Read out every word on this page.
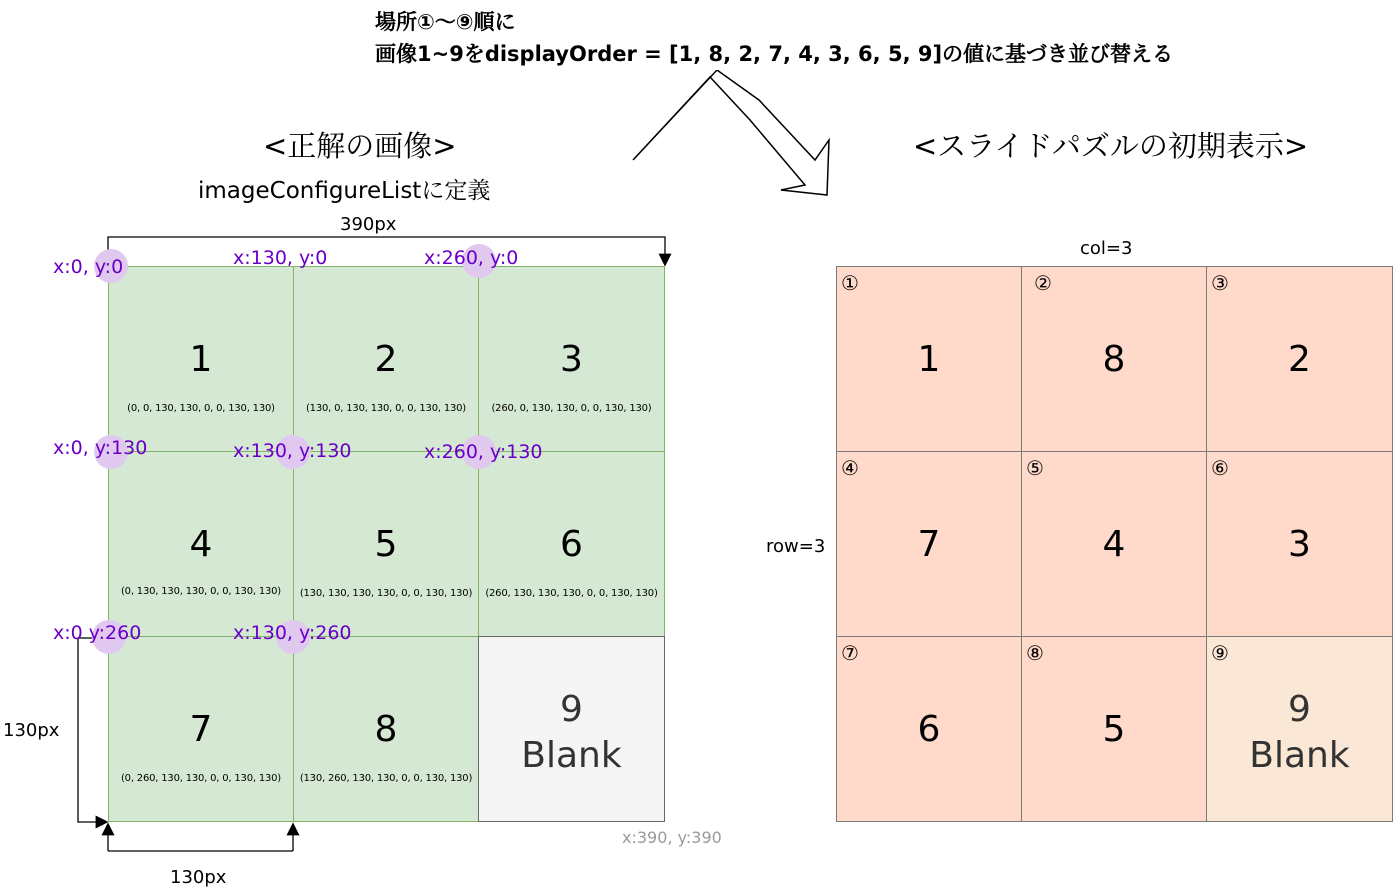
場所①〜⑨順に
画像1~9をdisplayOrder = [1, 8, 2, 7, 4, 3, 6, 5, 9]の値に基づき並び替える
<正解の画像>
imageConfigureListに定義
<スライドパズルの初期表示>
390px
130px
130px
1
(0, 0, 130, 130, 0, 0, 130, 130)
2
(130, 0, 130, 130, 0, 0, 130, 130)
3
(260, 0, 130, 130, 0, 0, 130, 130)
4
(0, 130, 130, 130, 0, 0, 130, 130)
5
(130, 130, 130, 130, 0, 0, 130, 130)
6
(260, 130, 130, 130, 0, 0, 130, 130)
7
(0, 260, 130, 130, 0, 0, 130, 130)
8
(130, 260, 130, 130, 0, 0, 130, 130)
9
Blank
x:0, y:0	x:130, y:0	x:260, y:0
x:0, y:130	x:130, y:130	x:260, y:130
x:0 y:260	x:130, y:260
x:390, y:390
col=3
row=3
①
1
②
8
③
2
④
7
⑤
4
⑥
3
⑦
6
⑧
5
⑨
9
Blank
